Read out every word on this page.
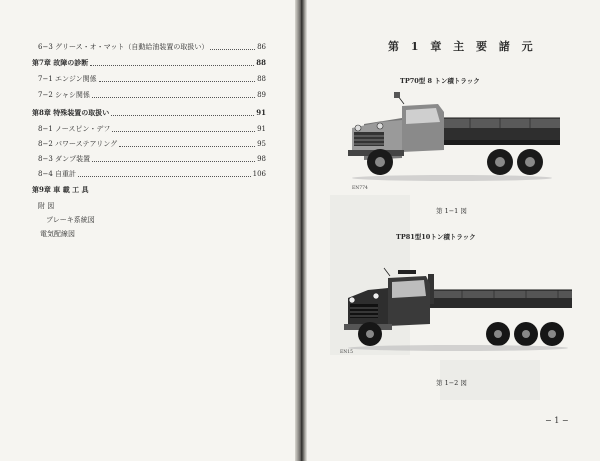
6−3 グリース・オ・マット（自動給油装置の取扱い）	86
第7章 故障の診断	88
7−1 エンジン関係	88
7−2 シャシ関係	89
第8章 特殊装置の取扱い	91
8−1 ノースピン・デフ	91
8−2 パワーステアリング	95
8−3 ダンプ装置	98
8−4 自重計	106
第9章 車 載 工 具
附 図
ブレーキ系統図
電気配線図
第 1 章 主 要 諸 元
TP70型 8 トン積トラック
EN774
第 1−1 図
TP81型10トン積トラック
EN15
第 1−2 図
− 1 −
